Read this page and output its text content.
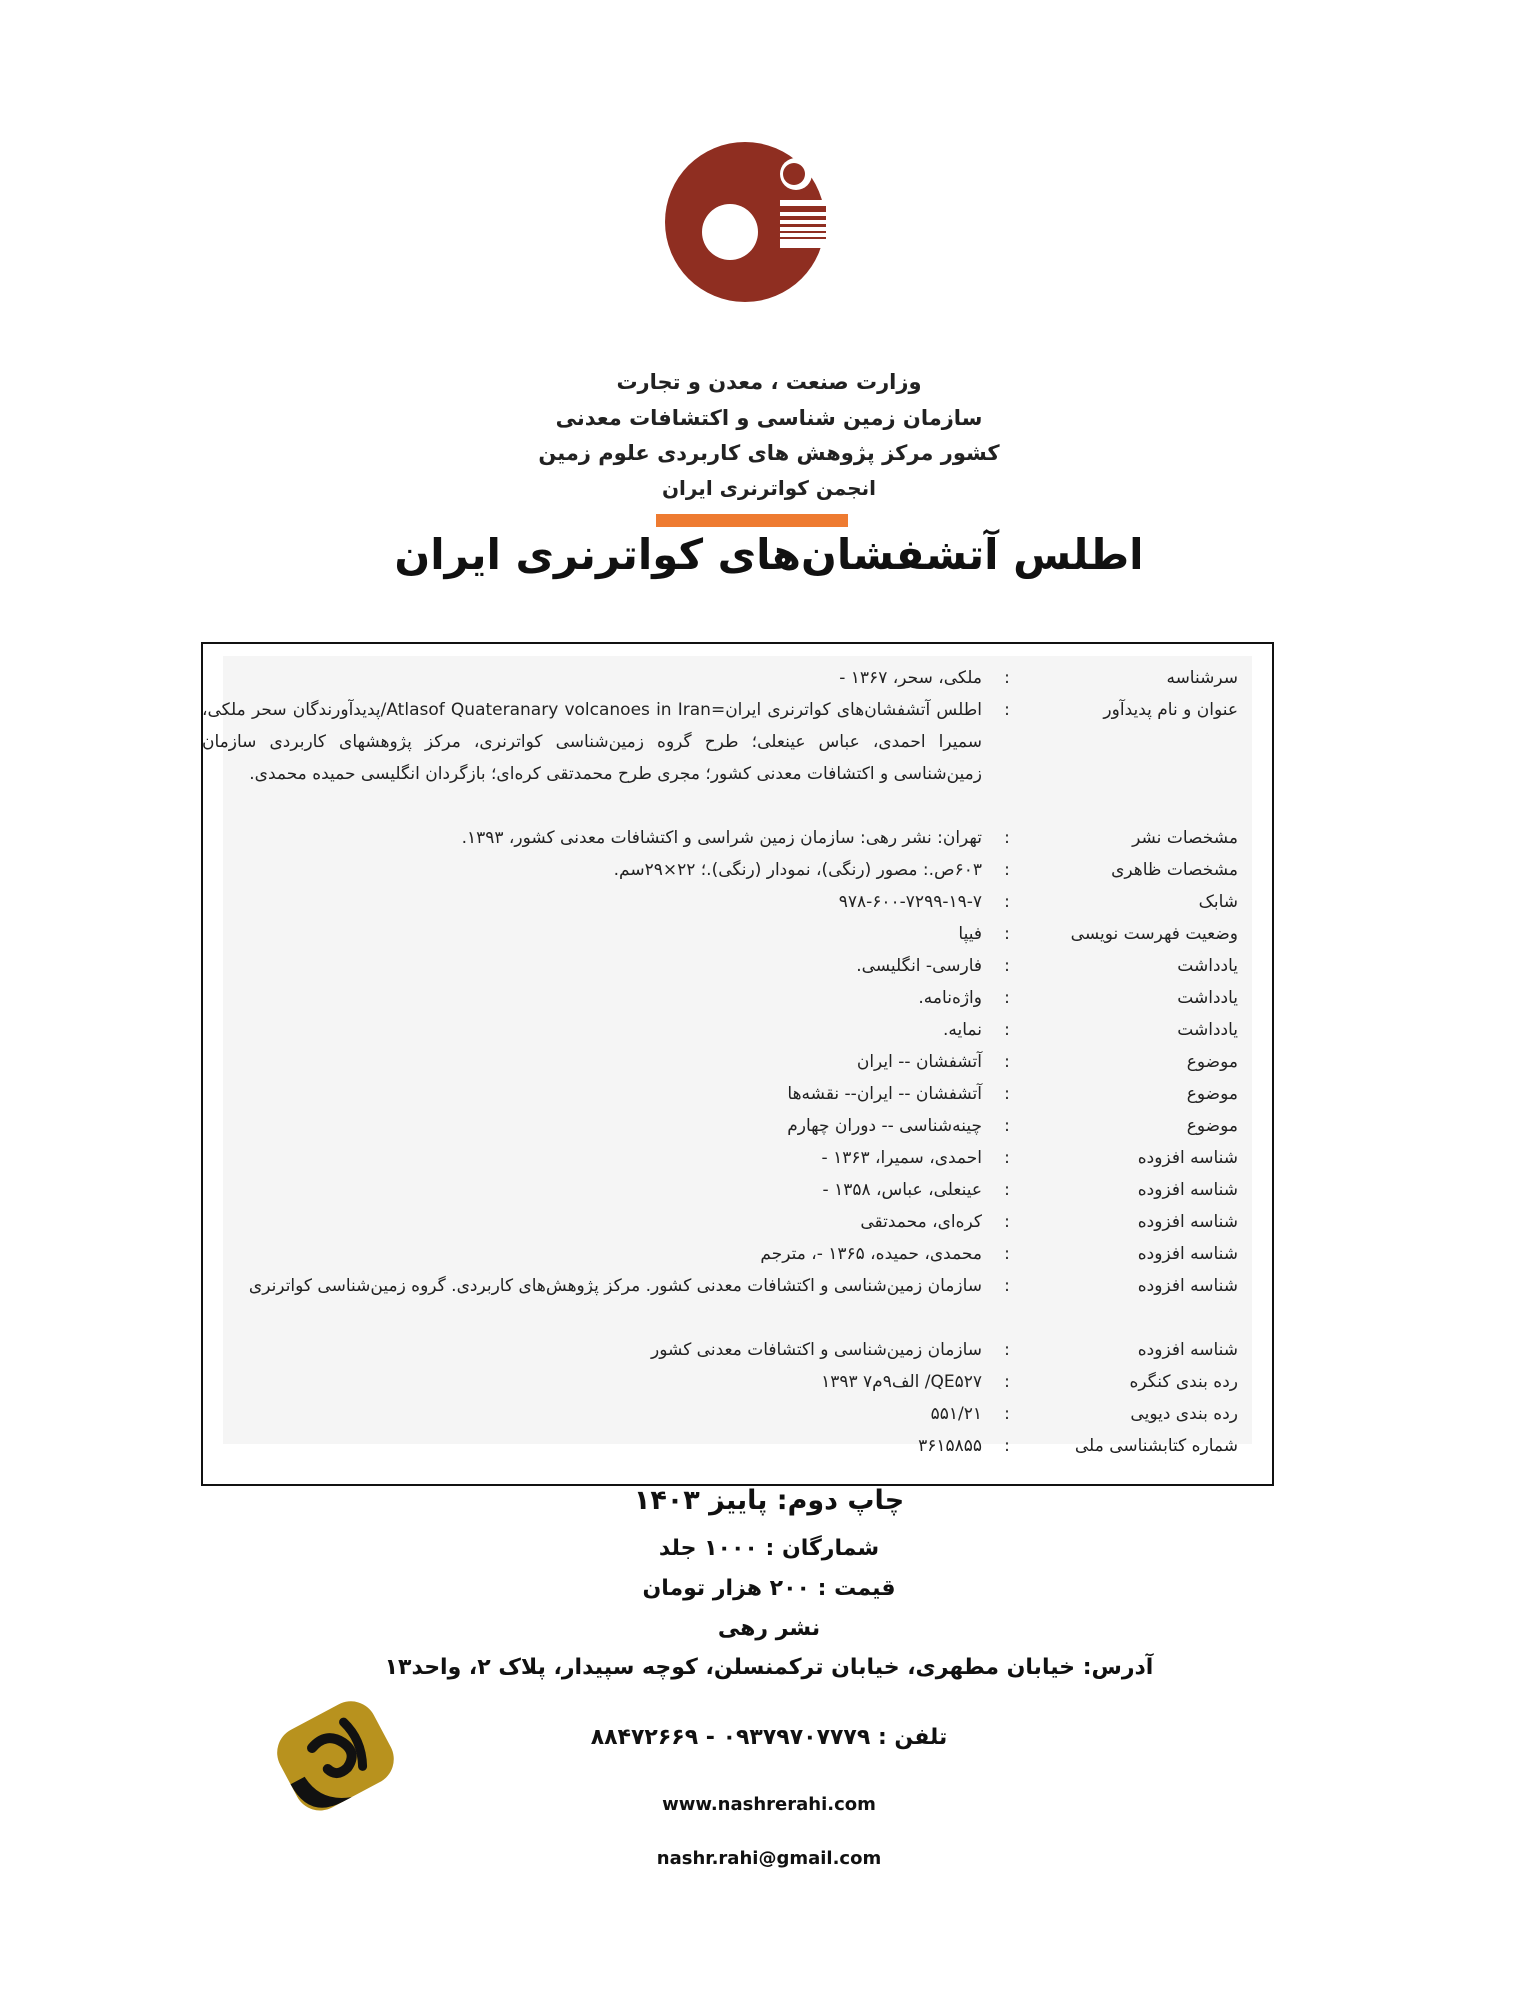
وزارت صنعت ، معدن و تجارت
سازمان زمین شناسی و اکتشافات معدنی
کشور مرکز پژوهش های کاربردی علوم زمین
انجمن کواترنری ایران
اطلس آتشفشان‌های کواترنری ایران
سرشناسه
:
ملکی، سحر، ۱۳۶۷ -
عنوان و نام پدیدآور
:
اطلس آتشفشان‌های کواترنری ایران=Atlasof Quateranary volcanoes in Iran/پدیدآورندگان سحر ملکی، سمیرا احمدی، عباس عینعلی؛ طرح گروه زمین‌شناسی کواترنری، مرکز پژوهشهای کاربردی سازمان زمین‌شناسی و اکتشافات معدنی کشور؛ مجری طرح محمدتقی کره‌ای؛ بازگردان انگلیسی حمیده محمدی.
مشخصات نشر
:
تهران: نشر رهی: سازمان زمین شراسی و اکتشافات معدنی کشور، ۱۳۹۳.
مشخصات ظاهری
:
۶۰۳ص.: مصور (رنگی)، نمودار (رنگی).؛ ۲۲×۲۹سم.
شابک
:
۹۷۸-۶۰۰-۷۲۹۹-۱۹-۷
وضعیت فهرست نویسی
:
فیپا
یادداشت
:
فارسی- انگلیسی.
یادداشت
:
واژه‌نامه.
یادداشت
:
نمایه.
موضوع
:
آتشفشان -- ایران
موضوع
:
آتشفشان -- ایران-- نقشه‌ها
موضوع
:
چینه‌شناسی -- دوران چهارم
شناسه افزوده
:
احمدی، سمیرا، ۱۳۶۳ -
شناسه افزوده
:
عینعلی، عباس، ۱۳۵۸ -
شناسه افزوده
:
کره‌ای، محمدتقی
شناسه افزوده
:
محمدی، حمیده، ۱۳۶۵ -، مترجم
شناسه افزوده
:
سازمان زمین‌شناسی و اکتشافات معدنی کشور. مرکز پژوهش‌های کاربردی. گروه زمین‌شناسی کواترنری
شناسه افزوده
:
سازمان زمین‌شناسی و اکتشافات معدنی کشور
رده بندی کنگره
:
QE۵۲۷/ الف۹م۷ ۱۳۹۳
رده بندی دیویی
:
۵۵۱/۲۱
شماره کتابشناسی ملی
:
۳۶۱۵۸۵۵
چاپ دوم: پاییز ۱۴۰۳
شمارگان : ۱۰۰۰ جلد
قیمت : ۲۰۰ هزار تومان
نشر رهی
آدرس: خیابان مطهری، خیابان ترکمنسلن، کوچه سپیدار، پلاک ۲، واحد۱۳
تلفن : ۰۹۳۷۹۷۰۷۷۷۹ - ۸۸۴۷۲۶۶۹
www.nashrerahi.com
nashr.rahi@gmail.com
